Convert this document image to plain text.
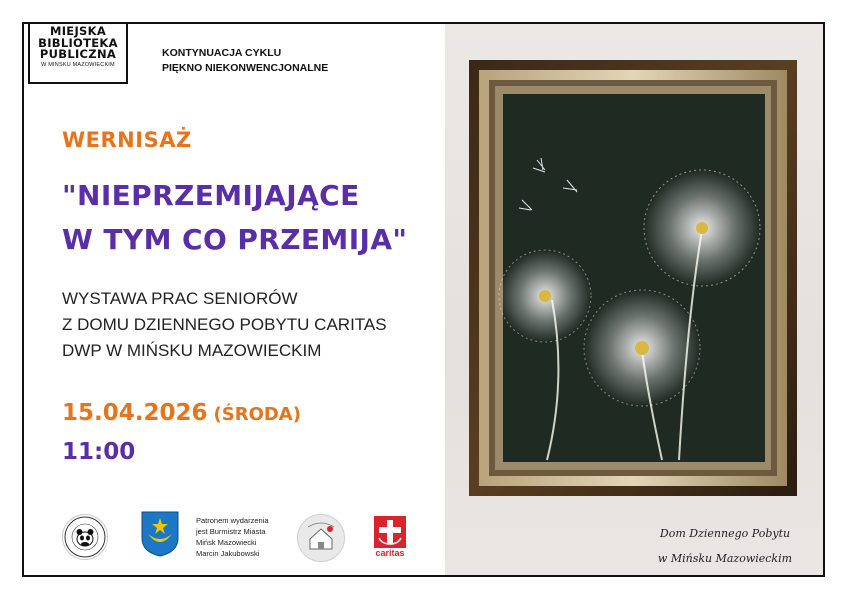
MIEJSKA
BIBLIOTEKA
PUBLICZNA
W MIŃSKU MAZOWIECKIM
KONTYNUACJA CYKLU
PIĘKNO NIEKONWENCJONALNE
WERNISAŻ
"NIEPRZEMIJAJĄCE
W TYM CO PRZEMIJA"
WYSTAWA PRAC SENIORÓW
Z DOMU DZIENNEGO POBYTU CARITAS
DWP W MIŃSKU MAZOWIECKIM
15.04.2026 (ŚRODA)
11:00
Patronem wydarzenia
jest Burmistrz Miasta
Mińsk Mazowiecki
Marcin Jakubowski	caritas
Dom Dziennego Pobytu
w Mińsku Mazowieckim
